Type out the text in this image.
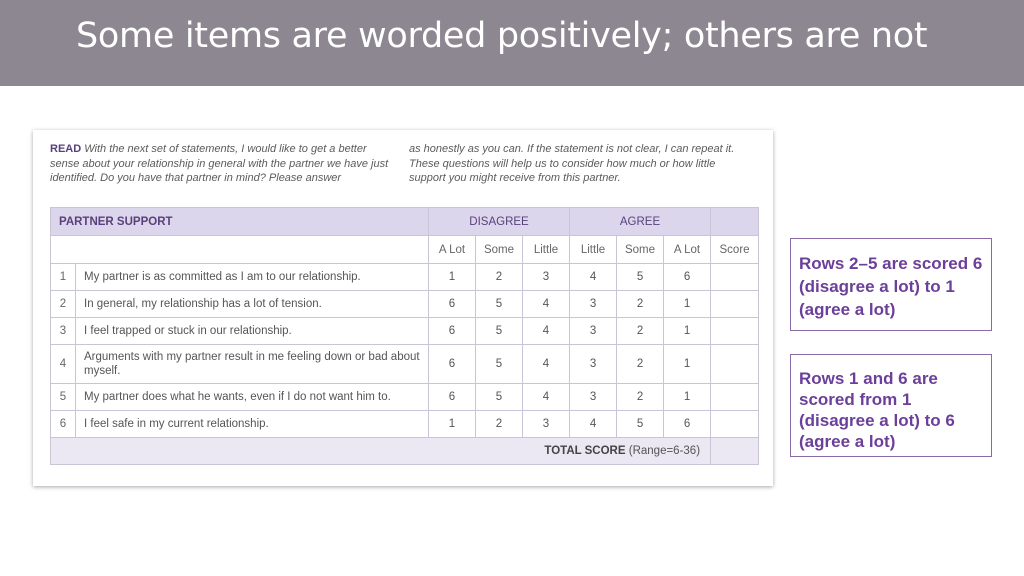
Some items are worded positively; others are not
READ With the next set of statements, I would like to get a better sense about your relationship in general with the partner we have just identified. Do you have that partner in mind? Please answer
as honestly as you can. If the statement is not clear, I can repeat it. These questions will help us to consider how much or how little support you might receive from this partner.
PARTNER SUPPORT		DISAGREE			AGREE			
		A Lot	Some	Little	Little	Some	A Lot	Score
1	My partner is as committed as I am to our relationship.	1	2	3	4	5	6	
2	In general, my relationship has a lot of tension.	6	5	4	3	2	1	
3	I feel trapped or stuck in our relationship.	6	5	4	3	2	1	
4	Arguments with my partner result in me feeling down or bad about myself.	6	5	4	3	2	1	
5	My partner does what he wants, even if I do not want him to.	6	5	4	3	2	1	
6	I feel safe in my current relationship.	1	2	3	4	5	6	
TOTAL SCORE (Range=6-36)								
Rows 2–5 are scored 6 (disagree a lot) to 1 (agree a lot)
Rows 1 and 6 are scored from 1 (disagree a lot) to 6 (agree a lot)
